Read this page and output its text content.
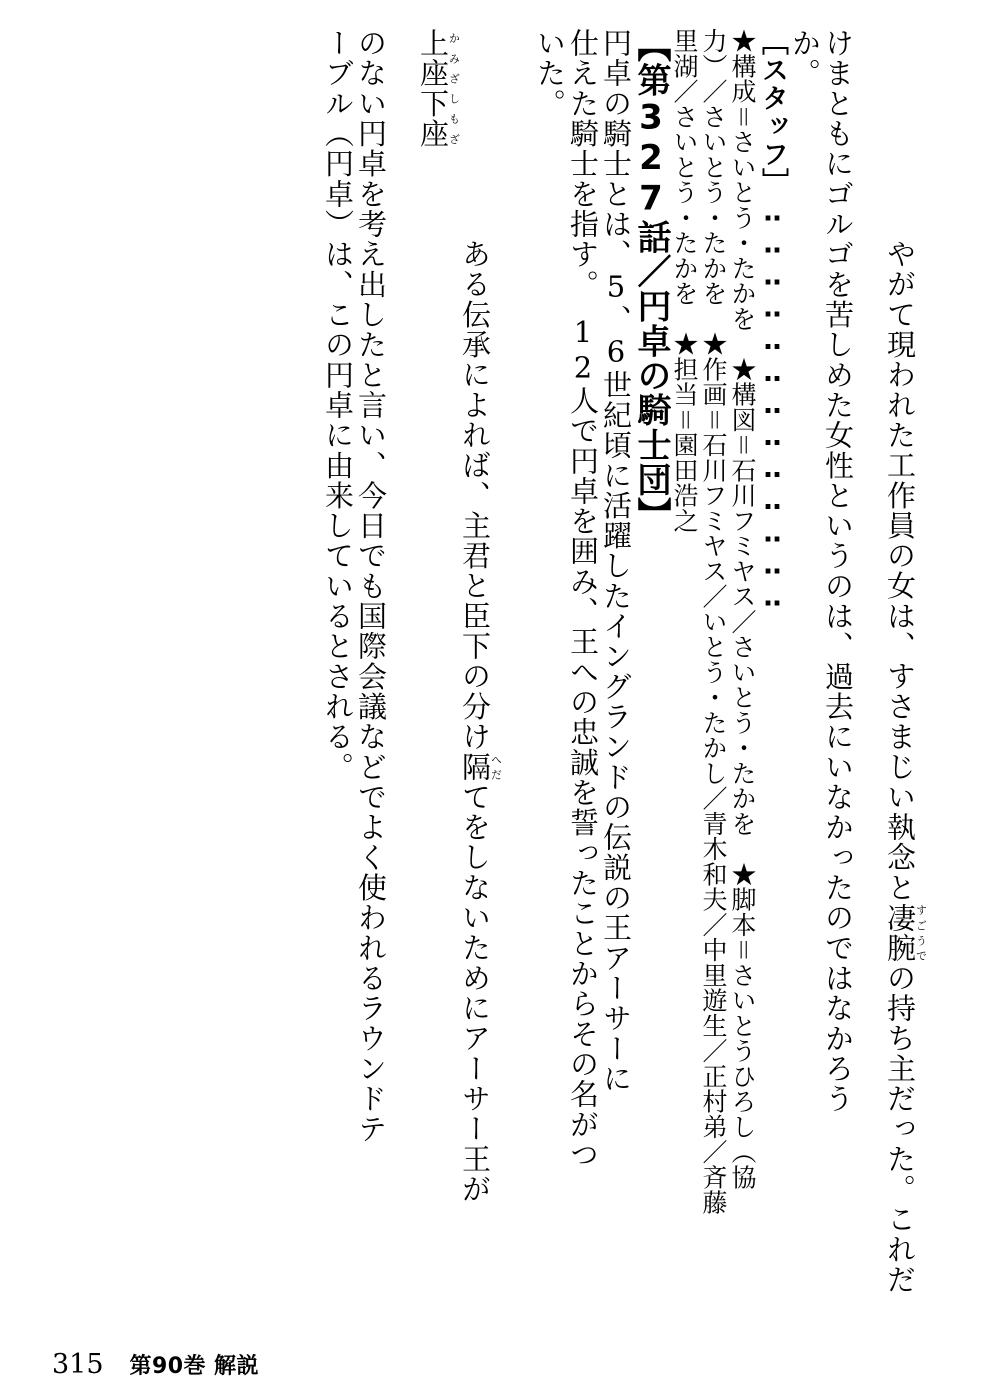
やがて現われた工作員の女は、すさまじい執念と凄腕すごうでの持ち主だった。これだ

けまともにゴルゴを苦しめた女性というのは、過去にいなかったのではなかろう
か。
［スタッフ］‥‥‥‥‥‥‥‥‥‥‥‥‥
★構成＝さいとう・たかを　★構図＝石川フミヤス／さいとう・たかを　★脚本＝さいとうひろし（協
力）／さいとう・たかを　★作画＝石川フミヤス／いとう・たかし／青木和夫／中里遊生／正村弟／斉藤
里湖／さいとう・たかを　★担当＝園田浩之
【第327話／円卓の騎士団】
円卓の騎士とは、5、6世紀頃に活躍したイングランドの伝説の王アーサーに
仕えた騎士を指す。　12人で円卓を囲み、王への忠誠を誓ったことからその名がつ
いた。

ある伝承によれば、主君と臣下の分け隔へだてをしないためにアーサー王が上座下座かみざしもざ

のない円卓を考え出したと言い、今日でも国際会議などでよく使われるラウンドテ
ーブル（円卓）は、この円卓に由来しているとされる。
315 第90巻 解説
